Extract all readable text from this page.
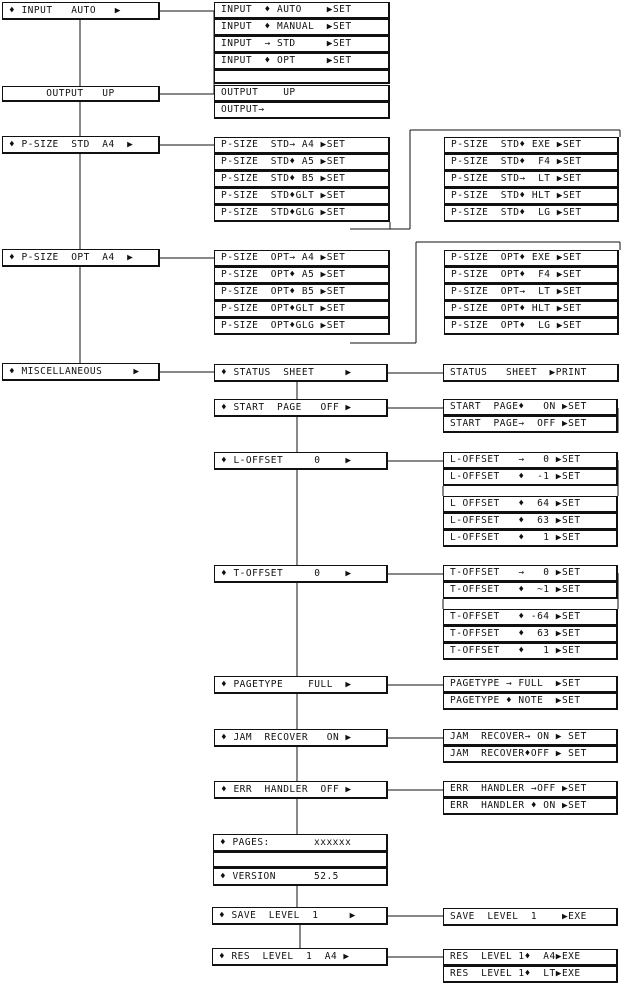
♦ INPUT   AUTO   ▶
OUTPUT   UP
♦ P-SIZE  STD  A4  ▶
♦ P-SIZE  OPT  A4  ▶
♦ MISCELLANEOUS     ▶
INPUT  ♦ AUTO    ▶SET
INPUT  ♦ MANUAL  ▶SET
INPUT  → STD     ▶SET
INPUT  ♦ OPT     ▶SET
OUTPUT    UP
OUTPUT→
P-SIZE  STD→ A4 ▶SET
P-SIZE  STD♦ A5 ▶SET
P-SIZE  STD♦ B5 ▶SET
P-SIZE  STD♦GLT ▶SET
P-SIZE  STD♦GLG ▶SET
P-SIZE  STD♦ EXE ▶SET
P-SIZE  STD♦  F4 ▶SET
P-SIZE  STD→  LT ▶SET
P-SIZE  STD♦ HLT ▶SET
P-SIZE  STD♦  LG ▶SET
P-SIZE  OPT→ A4 ▶SET
P-SIZE  OPT♦ A5 ▶SET
P-SIZE  OPT♦ B5 ▶SET
P-SIZE  OPT♦GLT ▶SET
P-SIZE  OPT♦GLG ▶SET
P-SIZE  OPT♦ EXE ▶SET
P-SIZE  OPT♦  F4 ▶SET
P-SIZE  OPT→  LT ▶SET
P-SIZE  OPT♦ HLT ▶SET
P-SIZE  OPT♦  LG ▶SET
♦ STATUS  SHEET     ▶
♦ START  PAGE   OFF ▶
♦ L-OFFSET     0    ▶
♦ T-OFFSET     0    ▶
♦ PAGETYPE    FULL  ▶
♦ JAM  RECOVER   ON ▶
♦ ERR  HANDLER  OFF ▶
♦ PAGES:	xxxxxx
♦ VERSION	52.5
♦ SAVE  LEVEL  1     ▶
♦ RES  LEVEL  1  A4 ▶
STATUS   SHEET  ▶PRINT
START  PAGE♦   ON ▶SET
START  PAGE→  OFF ▶SET
L-OFFSET   →   0 ▶SET
L-OFFSET   ♦  -1 ▶SET
L OFFSET   ♦  64 ▶SET
L-OFFSET   ♦  63 ▶SET
L-OFFSET   ♦   1 ▶SET
T-OFFSET   →   0 ▶SET
T-OFFSET   ♦  ~1 ▶SET
T-OFFSET   ♦ -64 ▶SET
T-OFFSET   ♦  63 ▶SET
T-OFFSET   ♦   1 ▶SET
PAGETYPE → FULL  ▶SET
PAGETYPE ♦ NOTE  ▶SET
JAM  RECOVER→ ON ▶ SET
JAM  RECOVER♦OFF ▶ SET
ERR  HANDLER →OFF ▶SET
ERR  HANDLER ♦ ON ▶SET
SAVE  LEVEL  1    ▶EXE
RES  LEVEL 1♦  A4▶EXE
RES  LEVEL 1♦  LT▶EXE
